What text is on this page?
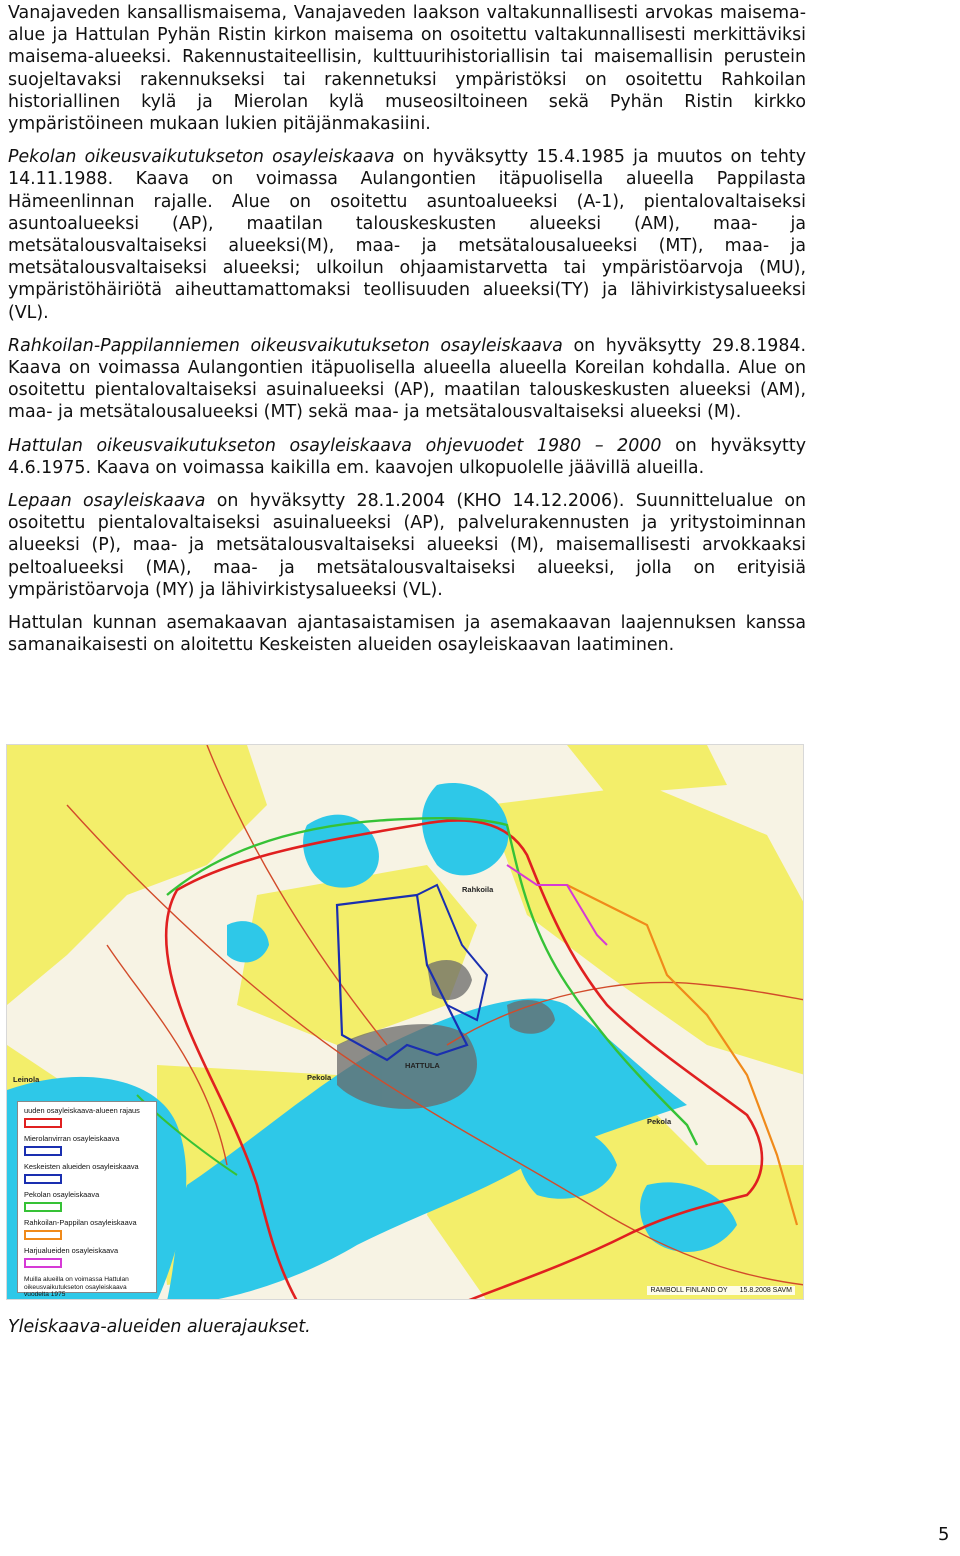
Vanajaveden kansallismaisema, Vanajaveden laakson valtakunnallisesti arvokas maisema-alue ja Hattulan Pyhän Ristin kirkon maisema on osoitettu valtakunnallisesti merkittäviksi maisema-alueeksi. Rakennustaiteellisin, kulttuurihistoriallisin tai maisemallisin perustein suojeltavaksi rakennukseksi tai rakennetuksi ympäristöksi on osoitettu Rahkoilan historiallinen kylä ja Mierolan kylä museosiltoineen sekä Pyhän Ristin kirkko ympäristöineen mukaan lukien pitäjänmakasiini.

Pekolan oikeusvaikutukseton osayleiskaava on hyväksytty 15.4.1985 ja muutos on tehty 14.11.1988. Kaava on voimassa Aulangontien itäpuolisella alueella Pappilasta Hämeenlinnan rajalle. Alue on osoitettu asuntoalueeksi (A-1), pientalovaltaiseksi asuntoalueeksi (AP), maatilan talouskeskusten alueeksi (AM), maa- ja metsätalousvaltaiseksi alueeksi(M), maa- ja metsätalousalueeksi (MT), maa- ja metsätalousvaltaiseksi alueeksi; ulkoilun ohjaamistarvetta tai ympäristöarvoja (MU), ympäristöhäiriötä aiheuttamattomaksi teollisuuden alueeksi(TY) ja lähivirkistysalueeksi (VL).

Rahkoilan-Pappilanniemen oikeusvaikutukseton osayleiskaava on hyväksytty 29.8.1984. Kaava on voimassa Aulangontien itäpuolisella alueella alueella Koreilan kohdalla. Alue on osoitettu pientalovaltaiseksi asuinalueeksi (AP), maatilan talouskeskusten alueeksi (AM), maa- ja metsätalousalueeksi (MT) sekä maa- ja metsätalousvaltaiseksi alueeksi (M).

Hattulan oikeusvaikutukseton osayleiskaava ohjevuodet 1980 – 2000 on hyväksytty 4.6.1975. Kaava on voimassa kaikilla em. kaavojen ulkopuolelle jäävillä alueilla.

Lepaan osayleiskaava on hyväksytty 28.1.2004 (KHO 14.12.2006). Suunnittelualue on osoitettu pientalovaltaiseksi asuinalueeksi (AP), palvelurakennusten ja yritystoiminnan alueeksi (P), maa- ja metsätalousvaltaiseksi alueeksi (M), maisemallisesti arvokkaaksi peltoalueeksi (MA), maa- ja metsätalousvaltaiseksi alueeksi, jolla on erityisiä ympäristöarvoja (MY) ja lähivirkistysalueeksi (VL).

Hattulan kunnan asemakaavan ajantasaistamisen ja asemakaavan laajennuksen kanssa samanaikaisesti on aloitettu Keskeisten alueiden osayleiskaavan laatiminen.

Rahkoila
HATTULA
Pekola
Pekola
Leinola
uuden osayleiskaava-alueen rajaus
Mierolanvirran osayleiskaava
Keskeisten alueiden osayleiskaava
Pekolan osayleiskaava
Rahkoilan-Pappilan osayleiskaava
Harjualueiden osayleiskaava
Muilla alueilla on voimassa Hattulan oikeusvaikutukseton osayleiskaava vuodelta 1975
RAMBOLL FINLAND OY 15.8.2008 SAVM
Yleiskaava-alueiden aluerajaukset.
5
